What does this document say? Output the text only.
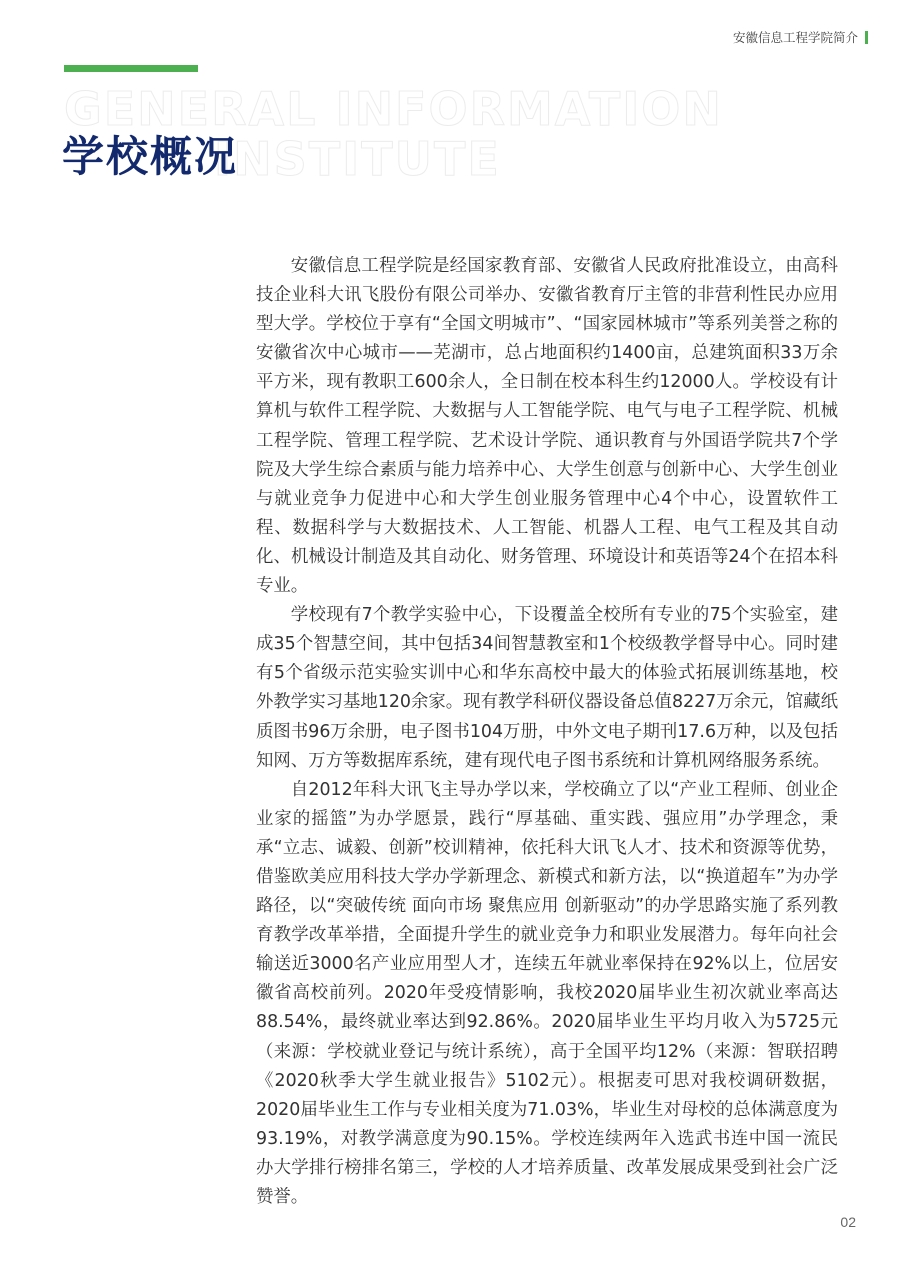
安徽信息工程学院简介
GENERAL INFORMATION
INSTITUTE
学校概况

安徽信息工程学院是经国家教育部、安徽省人民政府批准设立，由高科技企业科大讯飞股份有限公司举办、安徽省教育厅主管的非营利性民办应用型大学。学校位于享有“全国文明城市”、“国家园林城市”等系列美誉之称的安徽省次中心城市——芜湖市，总占地面积约1400亩，总建筑面积33万余平方米，现有教职工600余人，全日制在校本科生约12000人。学校设有计算机与软件工程学院、大数据与人工智能学院、电气与电子工程学院、机械工程学院、管理工程学院、艺术设计学院、通识教育与外国语学院共7个学院及大学生综合素质与能力培养中心、大学生创意与创新中心、大学生创业与就业竞争力促进中心和大学生创业服务管理中心4个中心，设置软件工程、数据科学与大数据技术、人工智能、机器人工程、电气工程及其自动化、机械设计制造及其自动化、财务管理、环境设计和英语等24个在招本科专业。

学校现有7个教学实验中心，下设覆盖全校所有专业的75个实验室，建成35个智慧空间，其中包括34间智慧教室和1个校级教学督导中心。同时建有5个省级示范实验实训中心和华东高校中最大的体验式拓展训练基地，校外教学实习基地120余家。现有教学科研仪器设备总值8227万余元，馆藏纸质图书96万余册，电子图书104万册，中外文电子期刊17.6万种，以及包括知网、万方等数据库系统，建有现代电子图书系统和计算机网络服务系统。

自2012年科大讯飞主导办学以来，学校确立了以“产业工程师、创业企业家的摇篮”为办学愿景，践行“厚基础、重实践、强应用”办学理念，秉承“立志、诚毅、创新”校训精神，依托科大讯飞人才、技术和资源等优势，借鉴欧美应用科技大学办学新理念、新模式和新方法，以“换道超车”为办学路径，以“突破传统 面向市场 聚焦应用 创新驱动”的办学思路实施了系列教育教学改革举措，全面提升学生的就业竞争力和职业发展潜力。每年向社会输送近3000名产业应用型人才，连续五年就业率保持在92%以上，位居安徽省高校前列。2020年受疫情影响，我校2020届毕业生初次就业率高达88.54%，最终就业率达到92.86%。2020届毕业生平均月收入为5725元（来源：学校就业登记与统计系统），高于全国平均12%（来源：智联招聘《2020秋季大学生就业报告》5102元）。根据麦可思对我校调研数据，2020届毕业生工作与专业相关度为71.03%，毕业生对母校的总体满意度为93.19%，对教学满意度为90.15%。学校连续两年入选武书连中国一流民办大学排行榜排名第三，学校的人才培养质量、改革发展成果受到社会广泛赞誉。

02
